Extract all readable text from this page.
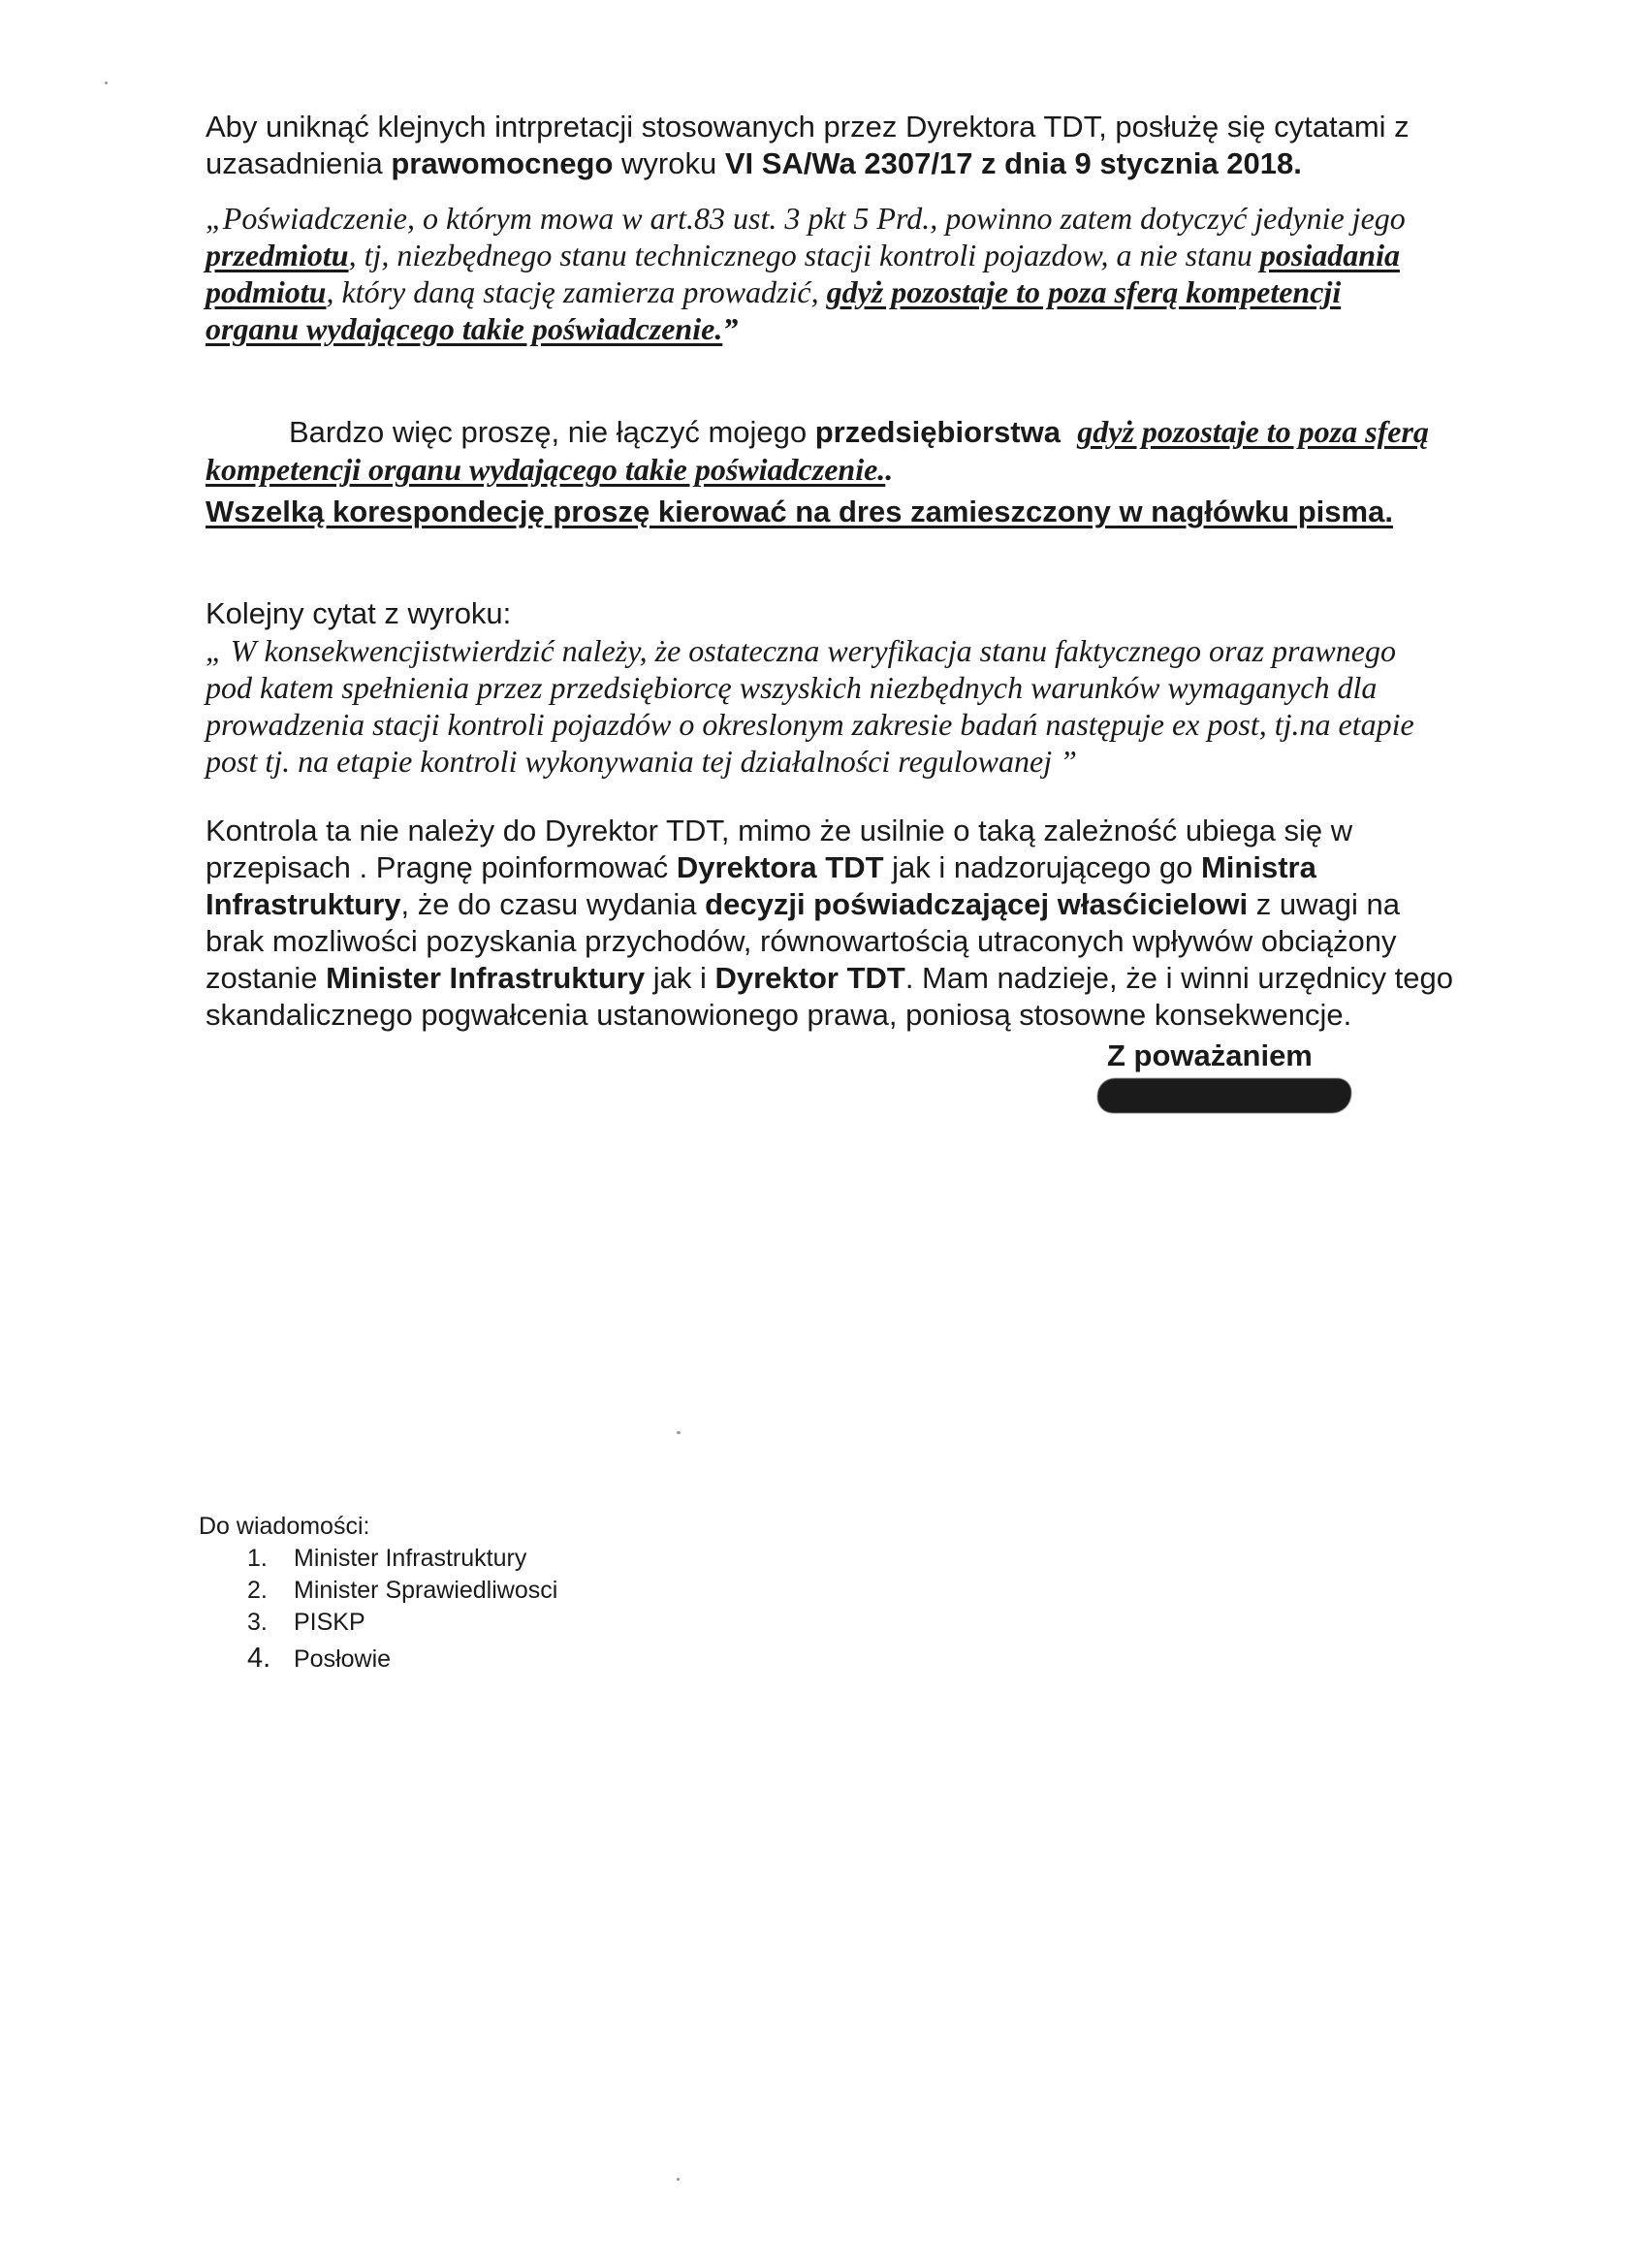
Aby uniknąć klejnych intrpretacji stosowanych przez Dyrektora TDT, posłużę się cytatami z
uzasadnienia prawomocnego wyroku VI SA/Wa 2307/17 z dnia 9 stycznia 2018.
„Poświadczenie, o którym mowa w art.83 ust. 3 pkt 5 Prd., powinno zatem dotyczyć jedynie jego
przedmiotu, tj, niezbędnego stanu technicznego stacji kontroli pojazdow, a nie stanu posiadania
podmiotu, który daną stację zamierza prowadzić, gdyż pozostaje to poza sferą kompetencji
organu wydającego takie poświadczenie.”
Bardzo więc proszę, nie łączyć mojego przedsiębiorstwa gdyż pozostaje to poza sferą
kompetencji organu wydającego takie poświadczenie..
Wszelką korespondecję proszę kierować na dres zamieszczony w nagłówku pisma.
Kolejny cytat z wyroku:
„ W konsekwencjistwierdzić należy, że ostateczna weryfikacja stanu faktycznego oraz prawnego
pod katem spełnienia przez przedsiębiorcę wszyskich niezbędnych warunków wymaganych dla
prowadzenia stacji kontroli pojazdów o okreslonym zakresie badań następuje ex post, tj.na etapie
post tj. na etapie kontroli wykonywania tej działalności regulowanej ”
Kontrola ta nie należy do Dyrektor TDT, mimo że usilnie o taką zależność ubiega się w
przepisach . Pragnę poinformować Dyrektora TDT jak i nadzorującego go Ministra
Infrastruktury, że do czasu wydania decyzji poświadczającej własćicielowi z uwagi na
brak mozliwości pozyskania przychodów, równowartością utraconych wpływów obciążony
zostanie Minister Infrastruktury jak i Dyrektor TDT. Mam nadzieje, że i winni urzędnicy tego
skandalicznego pogwałcenia ustanowionego prawa, poniosą stosowne konsekwencje.
Z poważaniem
Do wiadomości:
1. Minister Infrastruktury
2. Minister Sprawiedliwosci
3. PISKP
4. Posłowie
